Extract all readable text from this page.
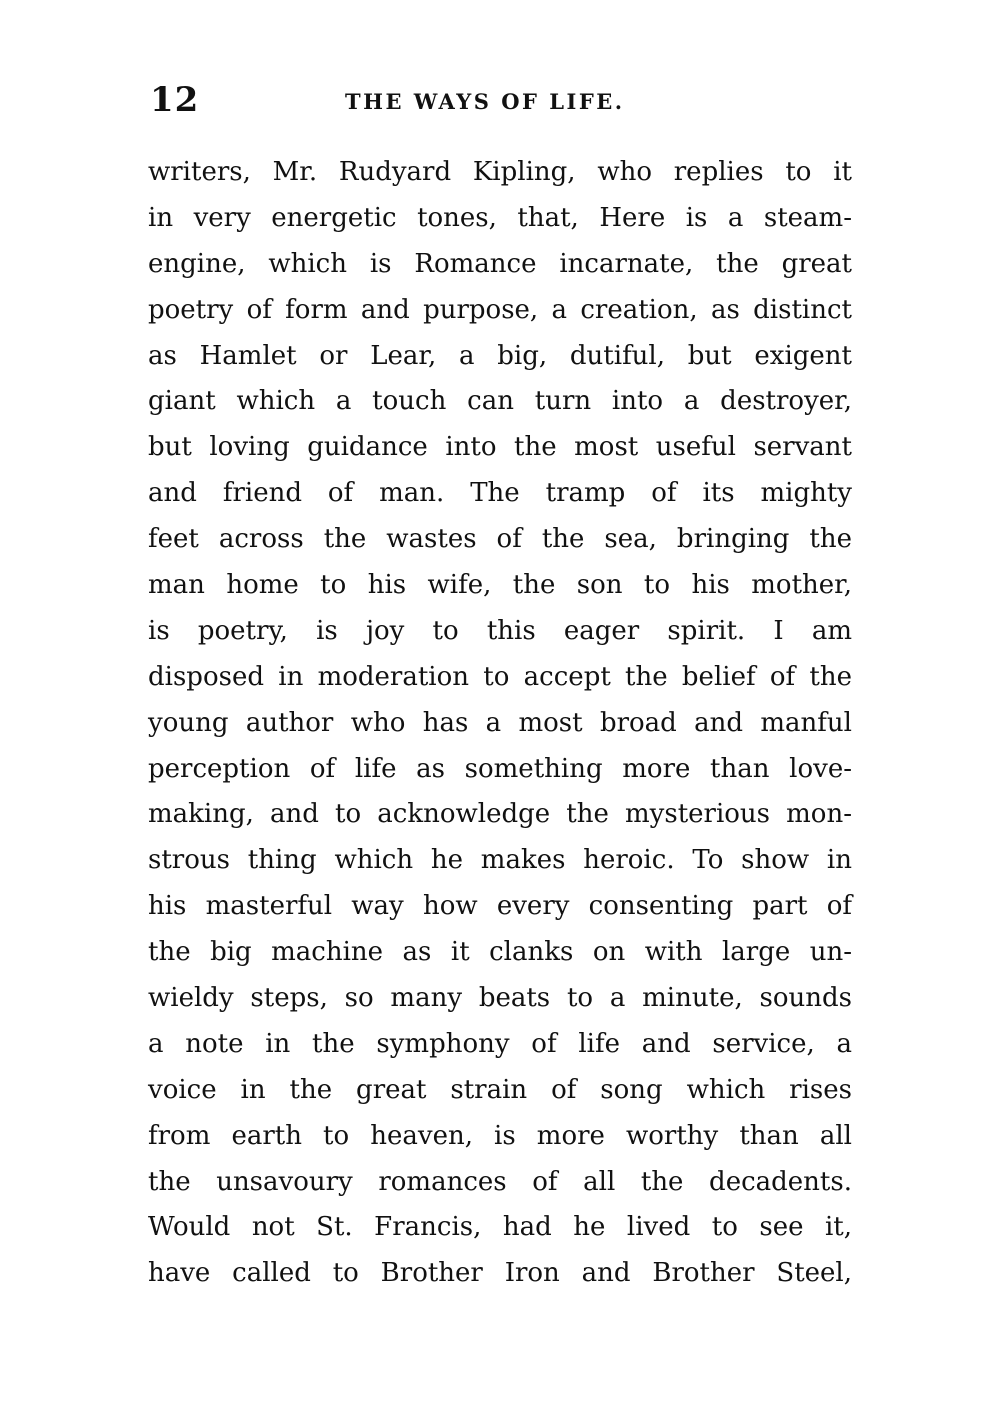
12	THE WAYS OF LIFE.
writers, Mr. Rudyard Kipling, who replies to it
in very energetic tones, that, Here is a steam-
engine, which is Romance incarnate, the great
poetry of form and purpose, a creation, as distinct
as Hamlet or Lear, a big, dutiful, but exigent
giant which a touch can turn into a destroyer,
but loving guidance into the most useful servant
and friend of man. The tramp of its mighty
feet across the wastes of the sea, bringing the
man home to his wife, the son to his mother,
is poetry, is joy to this eager spirit. I am
disposed in moderation to accept the belief of the
young author who has a most broad and manful
perception of life as something more than love-
making, and to acknowledge the mysterious mon-
strous thing which he makes heroic. To show in
his masterful way how every consenting part of
the big machine as it clanks on with large un-
wieldy steps, so many beats to a minute, sounds
a note in the symphony of life and service, a
voice in the great strain of song which rises
from earth to heaven, is more worthy than all
the unsavoury romances of all the decadents.
Would not St. Francis, had he lived to see it,
have called to Brother Iron and Brother Steel,
